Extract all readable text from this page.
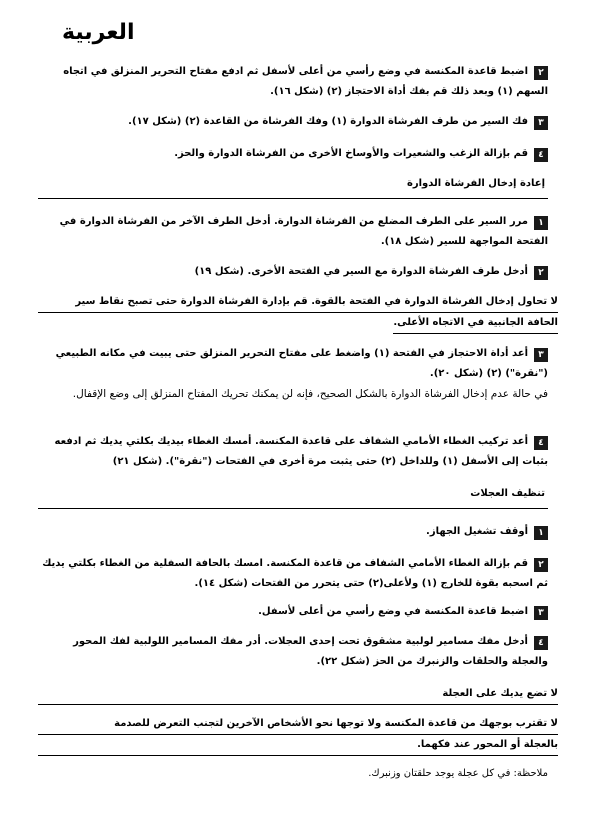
العربية

٢اضبط قاعدة المكنسة في وضع رأسي من أعلى لأسفل ثم ادفع مفتاح التحرير المنزلق في اتجاه السهم (١) وبعد ذلك قم بفك أداة الاحتجاز (٢) (شكل ١٦).

٣فك السير من طرف الفرشاة الدوارة (١) وفك الفرشاة من القاعدة (٢) (شكل ١٧).

٤قم بإزالة الزغب والشعيرات والأوساخ الأخرى من الفرشاة الدوارة والحز.

إعادة إدخال الفرشاة الدوارة

١مرر السير على الطرف المضلع من الفرشاة الدوارة. أدخل الطرف الآخر من الفرشاة الدوارة في الفتحة المواجهة للسير (شكل ١٨).

٢أدخل طرف الفرشاة الدوارة مع السير في الفتحة الأخرى. (شكل ١٩)

لا تحاول إدخال الفرشاة الدوارة في الفتحة بالقوة. قم بإدارة الفرشاة الدوارة حتى تصبح نقاط سير
الحافة الجانبية في الاتجاه الأعلى.

٣أعد أداة الاحتجاز في الفتحة (١) واضغط على مفتاح التحرير المنزلق حتى يبيت في مكانه الطبيعي ("نقرة") (٢) (شكل ٢٠).

في حالة عدم إدخال الفرشاة الدوارة بالشكل الصحيح، فإنه لن يمكنك تحريك المفتاح المنزلق إلى وضع الإقفال.

٤أعد تركيب الغطاء الأمامي الشفاف على قاعدة المكنسة. أمسك الغطاء بيديك بكلتي يديك ثم ادفعه بثبات إلى الأسفل (١) وللداخل (٢) حتى يثبت مرة أخرى في الفتحات ("نقرة"). (شكل ٢١)

تنظيف العجلات

١أوقف تشغيل الجهاز.

٢قم بإزالة الغطاء الأمامي الشفاف من قاعدة المكنسة. امسك بالحافة السفلية من الغطاء بكلتي يديك ثم اسحبه بقوة للخارج (١) ولأعلى(٢) حتى يتحرر من الفتحات (شكل ١٤).

٣اضبط قاعدة المكنسة في وضع رأسي من أعلى لأسفل.

٤أدخل مفك مسامير لولبية مشقوق تحت إحدى العجلات. أدر مفك المسامير اللولبية لفك المحور والعجلة والحلقات والزنبرك من الحز (شكل ٢٢).

لا تضع يديك على العجلة
لا تقترب بوجهك من قاعدة المكنسة ولا توجها نحو الأشخاص الآخرين لتجنب التعرض للصدمة
بالعجلة أو المحور عند فكهما.

ملاحظة: في كل عجلة يوجد حلقتان وزنبرك.
